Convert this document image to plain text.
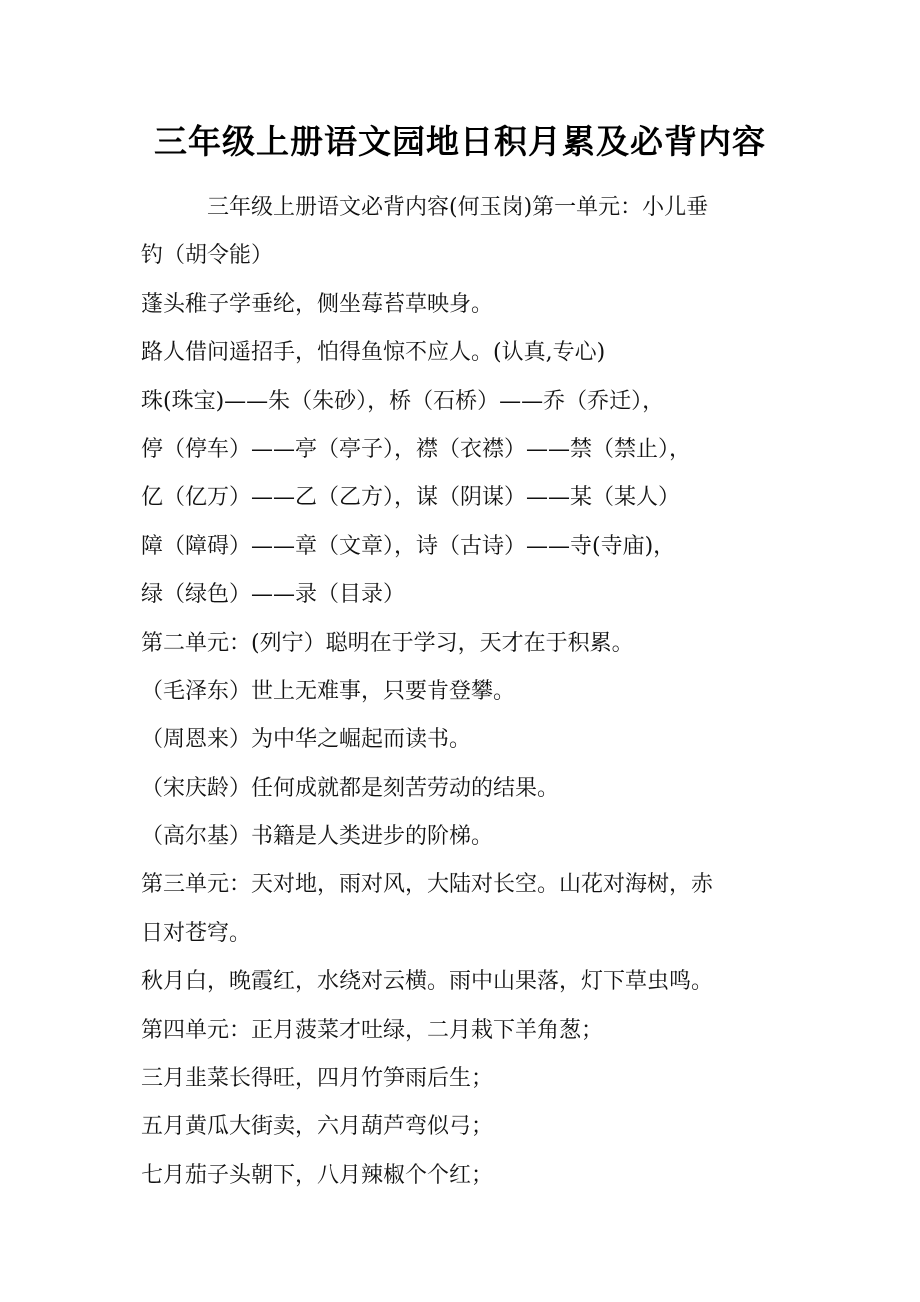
三年级上册语文园地日积月累及必背内容
三年级上册语文必背内容(何玉岗)第一单元：小儿垂
钓（胡令能）
蓬头稚子学垂纶，侧坐莓苔草映身。
路人借问遥招手，怕得鱼惊不应人。(认真,专心)
珠(珠宝)——朱（朱砂），桥（石桥）——乔（乔迁），
停（停车）——亭（亭子），襟（衣襟）——禁（禁止），
亿（亿万）——乙（乙方），谋（阴谋）——某（某人）
障（障碍）——章（文章），诗（古诗）——寺(寺庙)，
绿（绿色）——录（目录）
第二单元：(列宁）聪明在于学习，天才在于积累。
（毛泽东）世上无难事，只要肯登攀。
（周恩来）为中华之崛起而读书。
（宋庆龄）任何成就都是刻苦劳动的结果。
（高尔基）书籍是人类进步的阶梯。
第三单元：天对地，雨对风，大陆对长空。山花对海树，赤
日对苍穹。
秋月白，晚霞红，水绕对云横。雨中山果落，灯下草虫鸣。
第四单元：正月菠菜才吐绿，二月栽下羊角葱；
三月韭菜长得旺，四月竹笋雨后生；
五月黄瓜大街卖，六月葫芦弯似弓；
七月茄子头朝下，八月辣椒个个红；
